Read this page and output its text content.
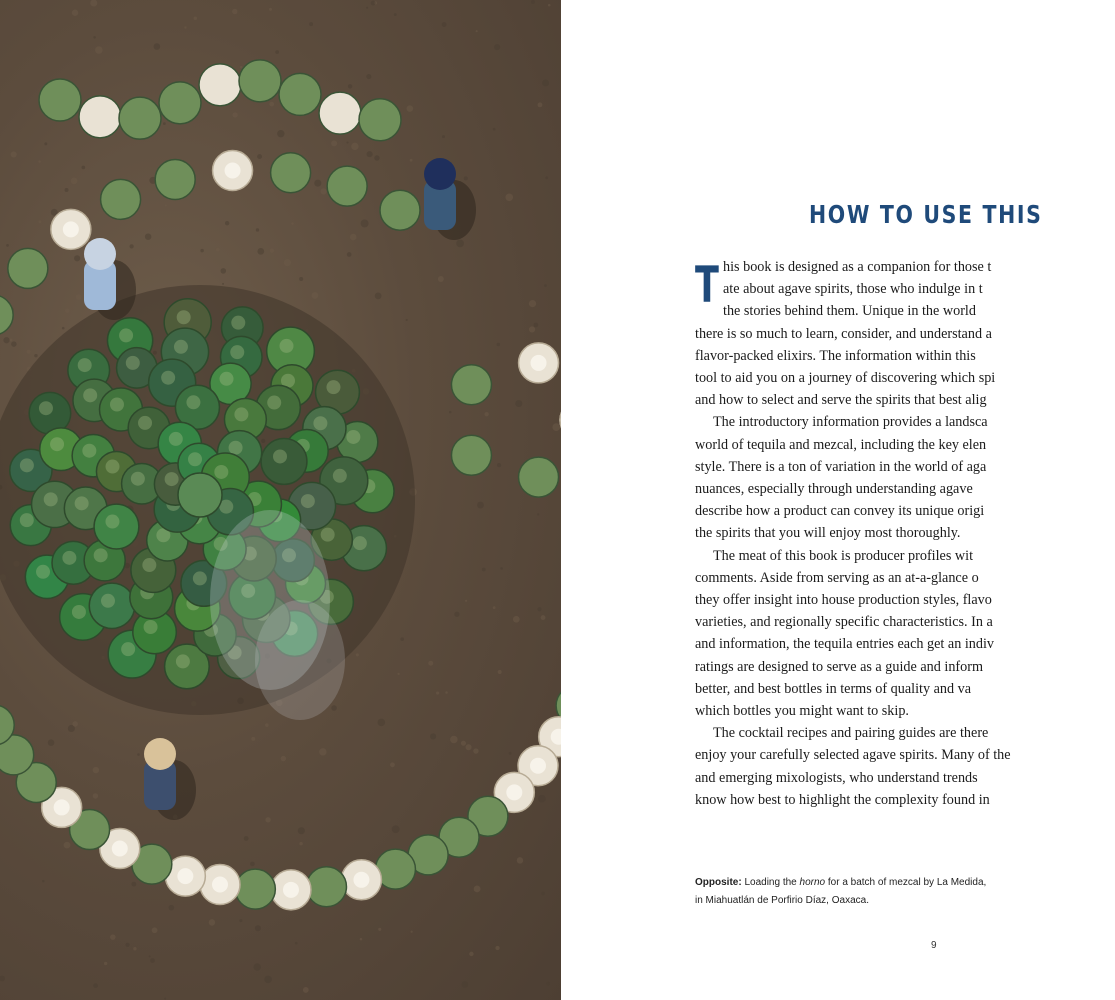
HOW TO USE THIS
T his book is designed as a companion for those t
ate about agave spirits, those who indulge in t
the stories behind them. Unique in the world
there is so much to learn, consider, and understand a
flavor-packed elixirs. The information within this
tool to aid you on a journey of discovering which spi
and how to select and serve the spirits that best alig
The introductory information provides a landsca
world of tequila and mezcal, including the key elen
style. There is a ton of variation in the world of aga
nuances, especially through understanding agave
describe how a product can convey its unique origi
the spirits that you will enjoy most thoroughly.
The meat of this book is producer profiles wit
comments. Aside from serving as an at-a-glance o
they offer insight into house production styles, flavo
varieties, and regionally specific characteristics. In a
and information, the tequila entries each get an indiv
ratings are designed to serve as a guide and inform
better, and best bottles in terms of quality and va
which bottles you might want to skip.
The cocktail recipes and pairing guides are there
enjoy your carefully selected agave spirits. Many of the
and emerging mixologists, who understand trends
know how best to highlight the complexity found in
Opposite: Loading the horno for a batch of mezcal by La Medida,
in Miahuatlán de Porfirio Díaz, Oaxaca.
9
